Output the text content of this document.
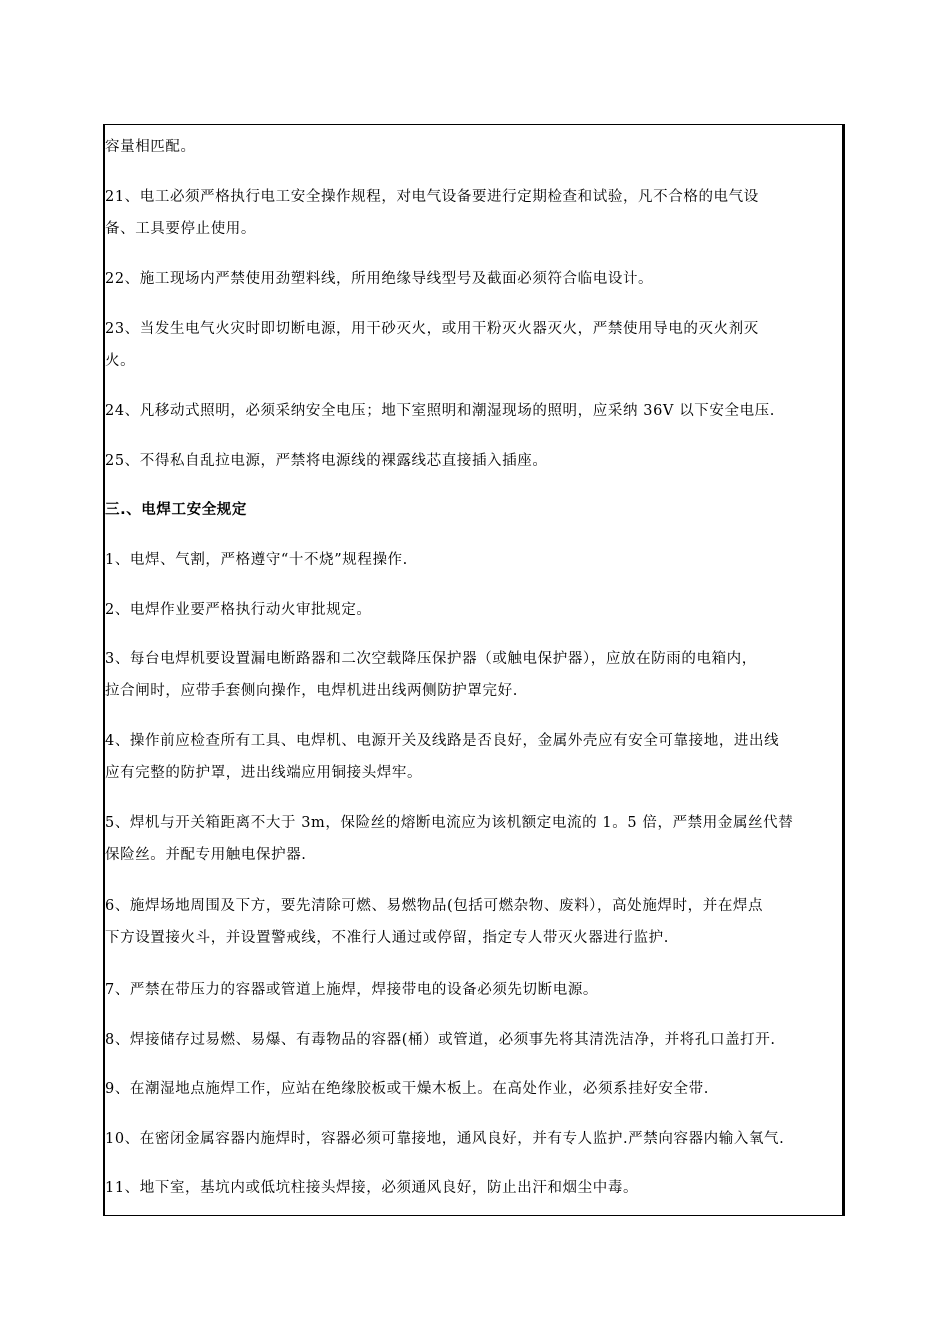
容量相匹配。
21、电工必须严格执行电工安全操作规程，对电气设备要进行定期检查和试验，凡不合格的电气设
备、工具要停止使用。
22、施工现场内严禁使用劲塑料线，所用绝缘导线型号及截面必须符合临电设计。
23、当发生电气火灾时即切断电源，用干砂灭火，或用干粉灭火器灭火，严禁使用导电的灭火剂灭
火。
24、凡移动式照明，必须采纳安全电压；地下室照明和潮湿现场的照明，应采纳 36V 以下安全电压.
25、不得私自乱拉电源，严禁将电源线的裸露线芯直接插入插座。
三.、电焊工安全规定
1、电焊、气割，严格遵守“十不烧”规程操作.
2、电焊作业要严格执行动火审批规定。
3、每台电焊机要设置漏电断路器和二次空载降压保护器（或触电保护器），应放在防雨的电箱内，
拉合闸时，应带手套侧向操作，电焊机进出线两侧防护罩完好.
4、操作前应检查所有工具、电焊机、电源开关及线路是否良好，金属外壳应有安全可靠接地，进出线
应有完整的防护罩，进出线端应用铜接头焊牢。
5、焊机与开关箱距离不大于 3m，保险丝的熔断电流应为该机额定电流的 1。5 倍，严禁用金属丝代替
保险丝。并配专用触电保护器.
6、施焊场地周围及下方，要先清除可燃、易燃物品(包括可燃杂物、废料），高处施焊时，并在焊点
下方设置接火斗，并设置警戒线，不准行人通过或停留，指定专人带灭火器进行监护.
7、严禁在带压力的容器或管道上施焊，焊接带电的设备必须先切断电源。
8、焊接储存过易燃、易爆、有毒物品的容器(桶）或管道，必须事先将其清洗洁净，并将孔口盖打开.
9、在潮湿地点施焊工作，应站在绝缘胶板或干燥木板上。在高处作业，必须系挂好安全带.
10、在密闭金属容器内施焊时，容器必须可靠接地，通风良好，并有专人监护.严禁向容器内输入氧气.
11、地下室，基坑内或低坑柱接头焊接，必须通风良好，防止出汗和烟尘中毒。
